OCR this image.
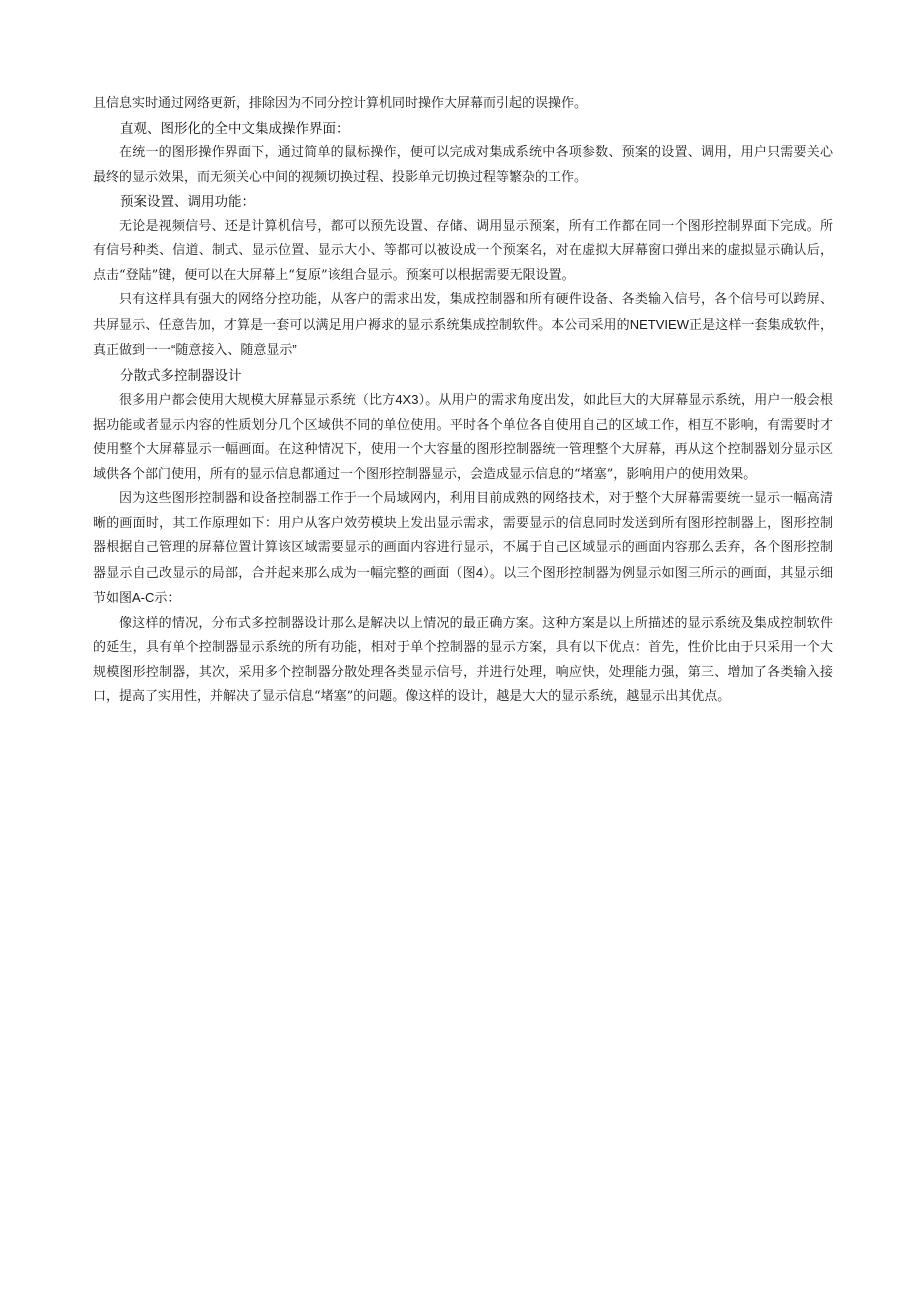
且信息实时通过网络更新，排除因为不同分控计算机同时操作大屏幕而引起的误操作。

直观、图形化的全中文集成操作界面：

在统一的图形操作界面下，通过简单的鼠标操作，便可以完成对集成系统中各项参数、预案的设置、调用，用户只需要关心最终的显示效果，而无须关心中间的视频切换过程、投影单元切换过程等繁杂的工作。

预案设置、调用功能：

无论是视频信号、还是计算机信号，都可以预先设置、存储、调用显示预案，所有工作都在同一个图形控制界面下完成。所有信号种类、信道、制式、显示位置、显示大小、等都可以被设成一个预案名，对在虚拟大屏幕窗口弹出来的虚拟显示确认后，点击“登陆”键，便可以在大屏幕上“复原”该组合显示。预案可以根据需要无限设置。

只有这样具有强大的网络分控功能，从客户的需求出发，集成控制器和所有硬件设备、各类输入信号，各个信号可以跨屏、共屏显示、任意告加，才算是一套可以满足用户褥求的显示系统集成控制软件。本公司采用的NETVIEW正是这样一套集成软件，真正做到一一“随意接入、随意显示”

分散式多控制器设计

很多用户都会使用大规模大屏幕显示系统（比方4X3）。从用户的需求角度出发，如此巨大的大屏幕显示系统，用户一般会根据功能或者显示内容的性质划分几个区域供不同的单位使用。平时各个单位各自使用自己的区域工作，相互不影响，有需要时才使用整个大屏幕显示一幅画面。在这种情况下，使用一个大容量的图形控制器统一管理整个大屏幕，再从这个控制器划分显示区域供各个部门使用，所有的显示信息都通过一个图形控制器显示，会造成显示信息的“堵塞”，影响用户的使用效果。

因为这些图形控制器和设备控制器工作于一个局域网内，利用目前成熟的网络技术，对于整个大屏幕需要统一显示一幅高清晰的画面时，其工作原理如下：用户从客户效劳模块上发出显示需求，需要显示的信息同时发送到所有图形控制器上，图形控制器根据自己管理的屏幕位置计算该区域需要显示的画面内容进行显示，不属于自己区域显示的画面内容那么丢弃，各个图形控制器显示自己改显示的局部，合并起来那么成为一幅完整的画面（图4）。以三个图形控制器为例显示如图三所示的画面，其显示细节如图A-C示：

像这样的情况，分布式多控制器设计那么是解决以上情况的最正确方案。这种方案是以上所描述的显示系统及集成控制软件的延生，具有单个控制器显示系统的所有功能，相对于单个控制器的显示方案，具有以下优点：首先，性价比由于只采用一个大规模图形控制器，其次，采用多个控制器分散处理各类显示信号，并进行处理，响应快，处理能力强，第三、增加了各类输入接口，提高了实用性，并解决了显示信息“堵塞”的问题。像这样的设计，越是大大的显示系统，越显示出其优点。
